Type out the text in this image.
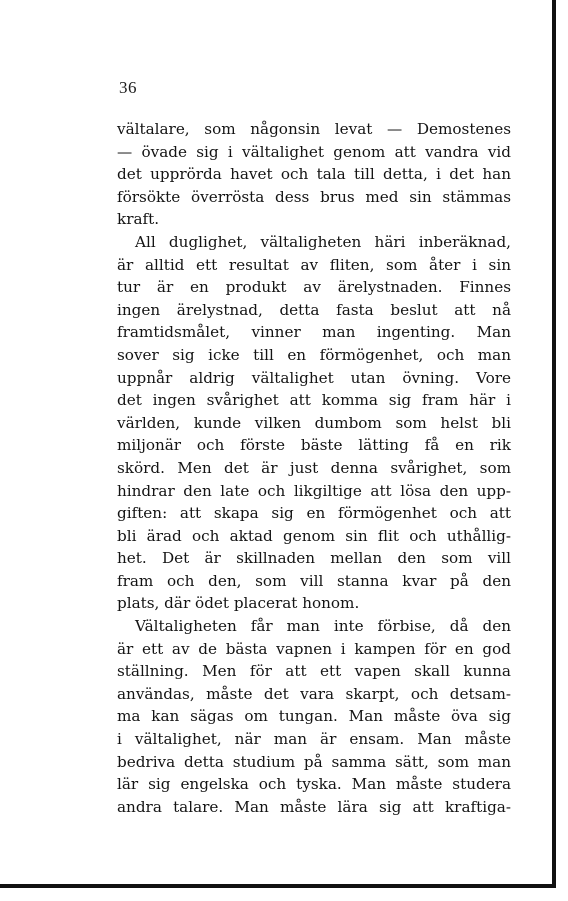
36
vältalare, som någonsin levat — Demostenes
— övade sig i vältalighet genom att vandra vid
det upprörda havet och tala till detta, i det han
försökte överrösta dess brus med sin stämmas
kraft.
All duglighet, vältaligheten häri inberäknad,
är alltid ett resultat av fliten, som åter i sin
tur är en produkt av ärelystnaden. Finnes
ingen ärelystnad, detta fasta beslut att nå
framtidsmålet, vinner man ingenting. Man
sover sig icke till en förmögenhet, och man
uppnår aldrig vältalighet utan övning. Vore
det ingen svårighet att komma sig fram här i
världen, kunde vilken dumbom som helst bli
miljonär och förste bäste lätting få en rik
skörd. Men det är just denna svårighet, som
hindrar den late och likgiltige att lösa den upp-
giften: att skapa sig en förmögenhet och att
bli ärad och aktad genom sin flit och uthållig-
het. Det är skillnaden mellan den som vill
fram och den, som vill stanna kvar på den
plats, där ödet placerat honom.
Vältaligheten får man inte förbise, då den
är ett av de bästa vapnen i kampen för en god
ställning. Men för att ett vapen skall kunna
användas, måste det vara skarpt, och detsam-
ma kan sägas om tungan. Man måste öva sig
i vältalighet, när man är ensam. Man måste
bedriva detta studium på samma sätt, som man
lär sig engelska och tyska. Man måste studera
andra talare. Man måste lära sig att kraftiga-
